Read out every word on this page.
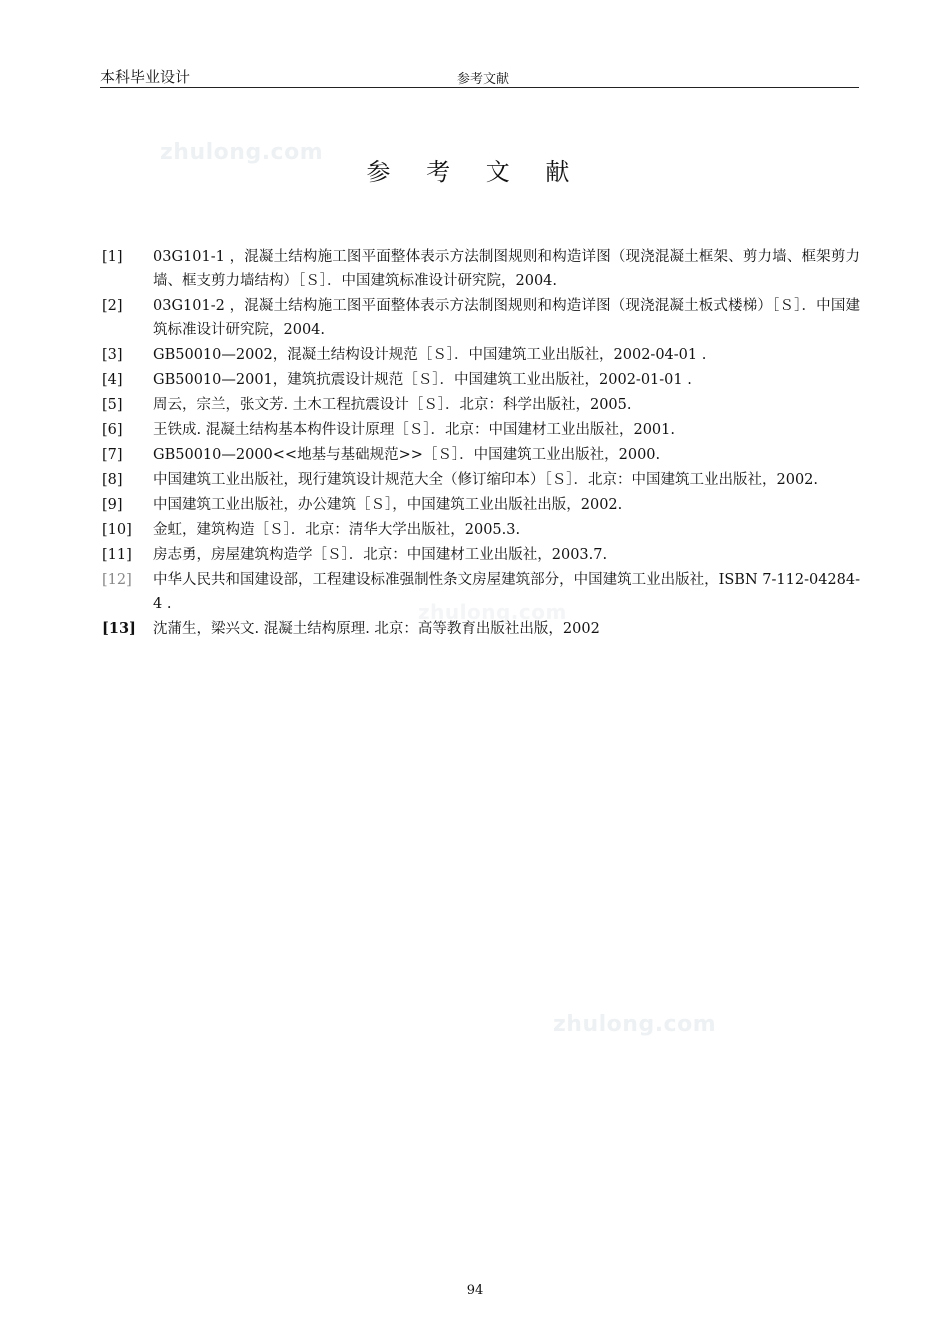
本科毕业设计	参考文献
zhulong.com
zhulong.com
zhulong.com
参 考 文 献
[1] 03G101-1 ，混凝土结构施工图平面整体表示方法制图规则和构造详图（现浇混凝土框架、剪力墙、框架剪力墙、框支剪力墙结构）［Ｓ］．中国建筑标准设计研究院，2004.
[2] 03G101-2 ，混凝土结构施工图平面整体表示方法制图规则和构造详图（现浇混凝土板式楼梯）［Ｓ］．中国建筑标准设计研究院，2004.
[3] GB50010—2002，混凝土结构设计规范［Ｓ］．中国建筑工业出版社，2002-04-01 .
[4] GB50010—2001，建筑抗震设计规范［Ｓ］．中国建筑工业出版社，2002-01-01 .
[5] 周云，宗兰，张文芳. 土木工程抗震设计［Ｓ］．北京：科学出版社，2005.
[6] 王铁成. 混凝土结构基本构件设计原理［Ｓ］．北京：中国建材工业出版社，2001.
[7] GB50010—2000<<地基与基础规范>>［Ｓ］．中国建筑工业出版社，2000.
[8] 中国建筑工业出版社，现行建筑设计规范大全（修订缩印本）［Ｓ］．北京：中国建筑工业出版社，2002.
[9] 中国建筑工业出版社，办公建筑［Ｓ］，中国建筑工业出版社出版，2002.
[10] 金虹，建筑构造［Ｓ］．北京：清华大学出版社，2005.3.
[11] 房志勇，房屋建筑构造学［Ｓ］．北京：中国建材工业出版社，2003.7.
[12] 中华人民共和国建设部，工程建设标准强制性条文房屋建筑部分，中国建筑工业出版社，ISBN 7-112-04284-4 .
[13] 沈蒲生，梁兴文. 混凝土结构原理. 北京：高等教育出版社出版，2002
94
